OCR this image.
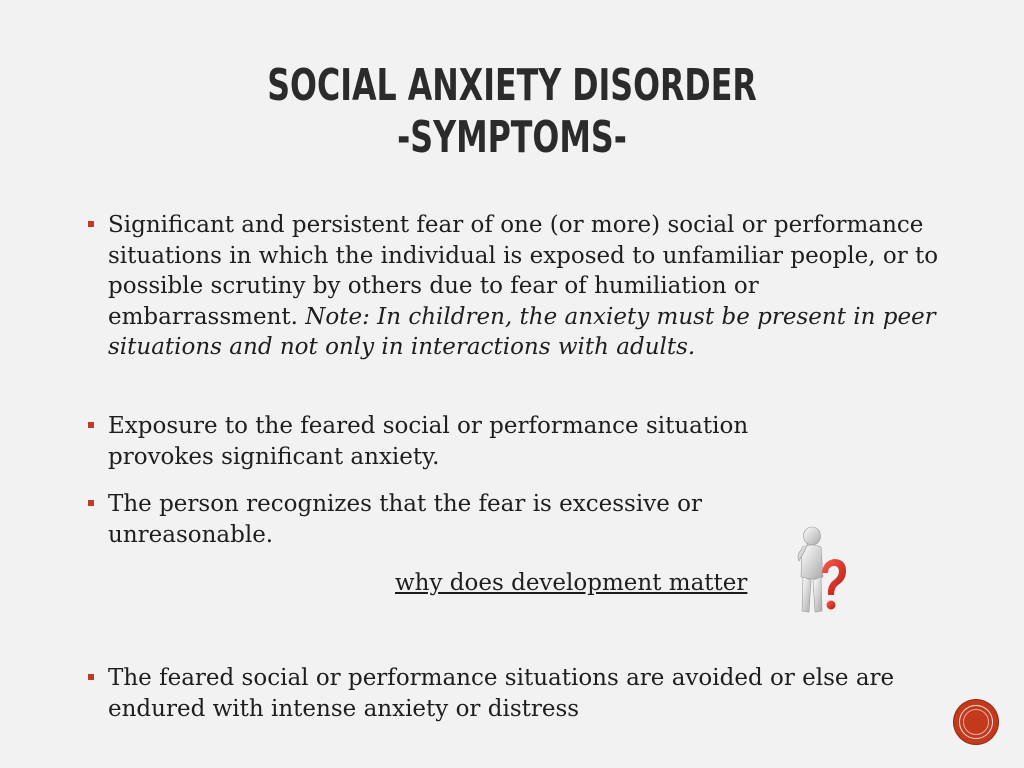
SOCIAL ANXIETY DISORDER
-SYMPTOMS-
Significant and persistent fear of one (or more) social or performance situations in which the individual is exposed to unfamiliar people, or to possible scrutiny by others due to fear of humiliation or embarrassment. Note: In children, the anxiety must be present in peer situations and not only in interactions with adults.
Exposure to the feared social or performance situation provokes significant anxiety.
The person recognizes that the fear is excessive or unreasonable.
The feared social or performance situations are avoided or else are endured with intense anxiety or distress
why does development matter
